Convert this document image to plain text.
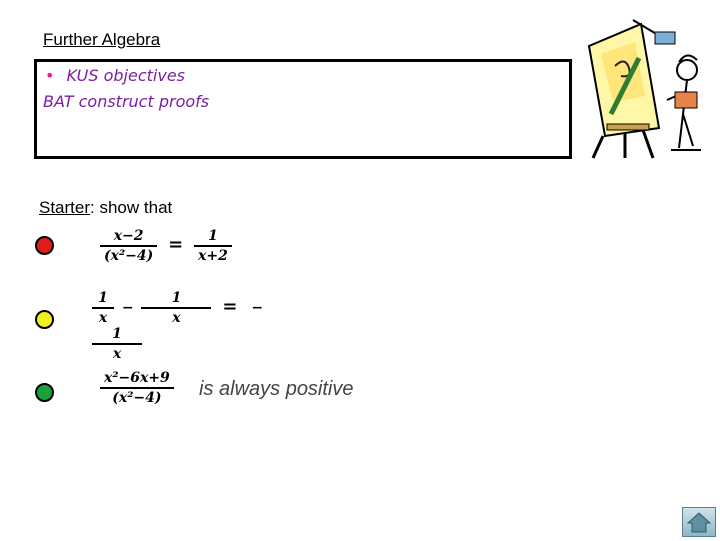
Further Algebra
• KUS objectives
BAT construct proofs
Starter: show that
$\frac{x-2}{\text{(x²−4)}} = \frac{1}{x+2}$
$\frac{1}{x} - \frac{1}{x}$ = −
$\frac{1}{x}$
$\frac{\text{x²−6x+9}}{\text{(x²−4)}}$ is always positive
